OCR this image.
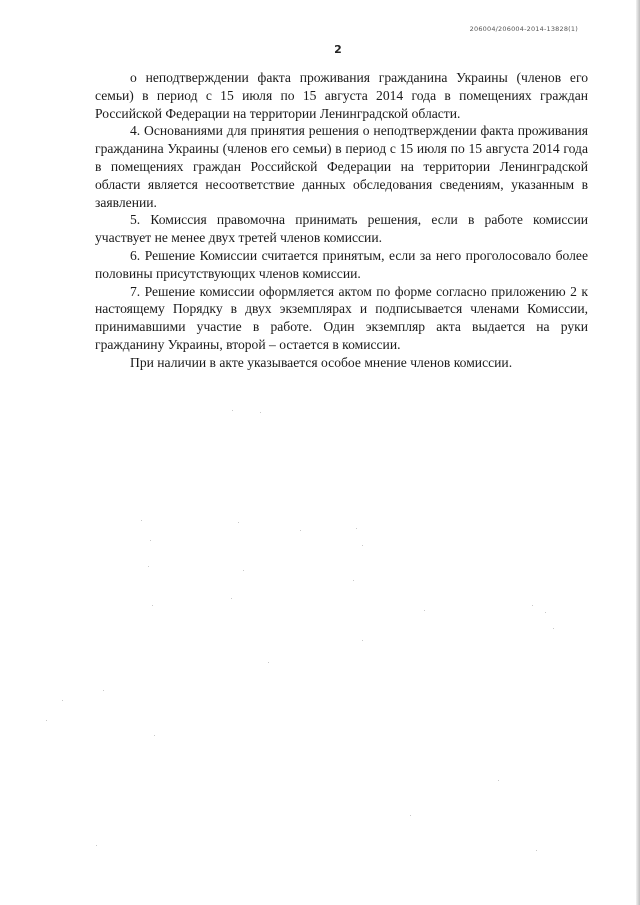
206004/206004-2014-13828(1)
2

о неподтверждении факта проживания гражданина Украины (членов его семьи) в период с 15 июля по 15 августа 2014 года в помещениях граждан Российской Федерации на территории Ленинградской области.

4. Основаниями для принятия решения о неподтверждении факта проживания гражданина Украины (членов его семьи) в период с 15 июля по 15 августа 2014 года в помещениях граждан Российской Федерации на территории Ленинградской области является несоответствие данных обследования сведениям, указанным в заявлении.

5. Комиссия правомочна принимать решения, если в работе комиссии участвует не менее двух третей членов комиссии.

6. Решение Комиссии считается принятым, если за него проголосовало более половины присутствующих членов комиссии.

7. Решение комиссии оформляется актом по форме согласно приложению 2 к настоящему Порядку в двух экземплярах и подписывается членами Комиссии, принимавшими участие в работе. Один экземпляр акта выдается на руки гражданину Украины, второй – остается в комиссии.

При наличии в акте указывается особое мнение членов комиссии.
